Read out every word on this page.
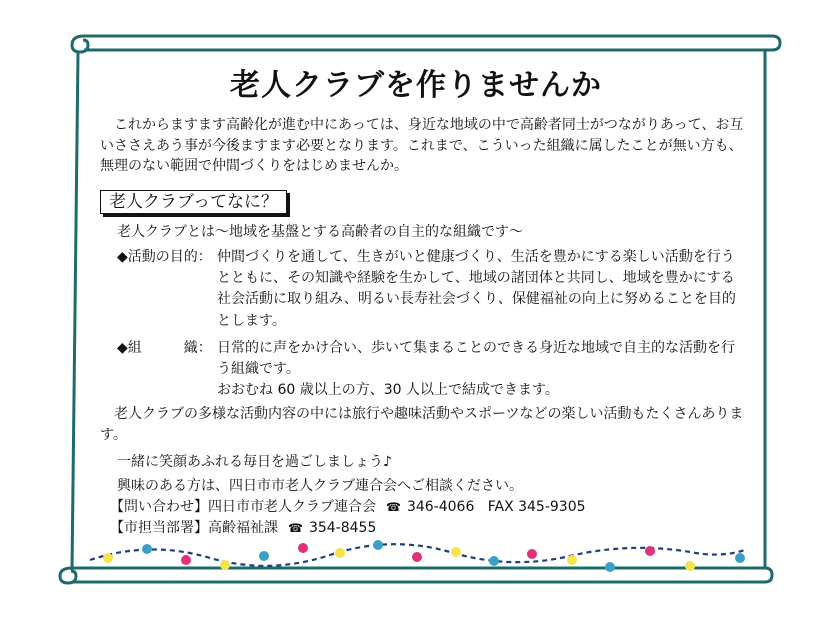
老人クラブを作りませんか

これからますます高齢化が進む中にあっては、身近な地域の中で高齢者同士がつながりあって、お互いささえあう事が今後ますます必要となります。これまで、こういった組織に属したことが無い方も、無理のない範囲で仲間づくりをはじめませんか。

老人クラブってなに？

老人クラブとは～地域を基盤とする高齢者の自主的な組織です～

◆活動の目的： 仲間づくりを通して、生きがいと健康づくり、生活を豊かにする楽しい活動を行うとともに、その知識や経験を生かして、地域の諸団体と共同し、地域を豊かにする社会活動に取り組み、明るい長寿社会づくり、保健福祉の向上に努めることを目的とします。
◆組　　　織： 日常的に声をかけ合い、歩いて集まることのできる身近な地域で自主的な活動を行う組織です。

おおむね 60 歳以上の方、30 人以上で結成できます。

老人クラブの多様な活動内容の中には旅行や趣味活動やスポーツなどの楽しい活動もたくさんあります。

一緒に笑顔あふれる毎日を過ごしましょう♪

興味のある方は、四日市市老人クラブ連合会へご相談ください。

【問い合わせ】四日市市老人クラブ連合会 ☎ 346-4066 FAX 345-9305

【市担当部署】高齢福祉課 ☎ 354-8455
